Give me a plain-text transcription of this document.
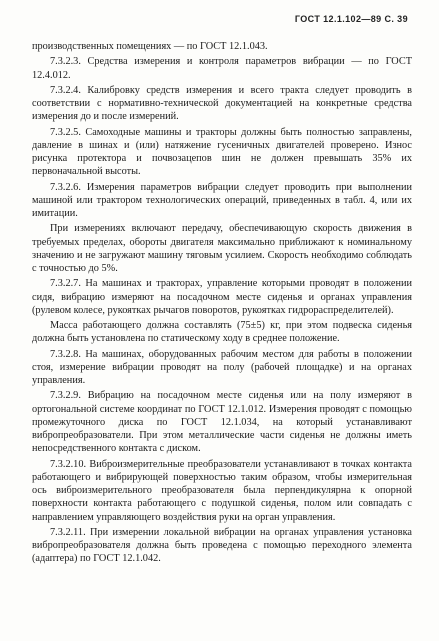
ГОСТ 12.1.102—89 С. 39

производственных помещениях — по ГОСТ 12.1.043.

7.3.2.3. Средства измерения и контроля параметров вибрации — по ГОСТ 12.4.012.

7.3.2.4. Калибровку средств измерения и всего тракта следует проводить в соответствии с нормативно-технической документацией на конкретные средства измерения до и после измерений.

7.3.2.5. Самоходные машины и тракторы должны быть полностью заправлены, давление в шинах и (или) натяжение гусеничных двигателей проверено. Износ рисунка протектора и почвозацепов шин не должен превышать 35% их первоначальной высоты.

7.3.2.6. Измерения параметров вибрации следует проводить при выполнении машиной или трактором технологических операций, приведенных в табл. 4, или их имитации.

При измерениях включают передачу, обеспечивающую скорость движения в требуемых пределах, обороты двигателя максимально приближают к номинальному значению и не загружают машину тяговым усилием. Скорость необходимо соблюдать с точностью до 5%.

7.3.2.7. На машинах и тракторах, управление которыми проводят в положении сидя, вибрацию измеряют на посадочном месте сиденья и органах управления (рулевом колесе, рукоятках рычагов поворотов, рукоятках гидрораспределителей).

Масса работающего должна составлять (75±5) кг, при этом подвеска сиденья должна быть установлена по статическому ходу в среднее положение.

7.3.2.8. На машинах, оборудованных рабочим местом для работы в положении стоя, измерение вибрации проводят на полу (рабочей площадке) и на органах управления.

7.3.2.9. Вибрацию на посадочном месте сиденья или на полу измеряют в ортогональной системе координат по ГОСТ 12.1.012. Измерения проводят с помощью промежуточного диска по ГОСТ 12.1.034, на который устанавливают вибропреобразователи. При этом металлические части сиденья не должны иметь непосредственного контакта с диском.

7.3.2.10. Виброизмерительные преобразователи устанавливают в точках контакта работающего и вибрирующей поверхностью таким образом, чтобы измерительная ось виброизмерительного преобразователя была перпендикулярна к опорной поверхности контакта работающего с подушкой сиденья, полом или совпадать с направлением управляющего воздействия руки на орган управления.

7.3.2.11. При измерении локальной вибрации на органах управления установка вибропреобразователя должна быть проведена с помощью переходного элемента (адаптера) по ГОСТ 12.1.042.
